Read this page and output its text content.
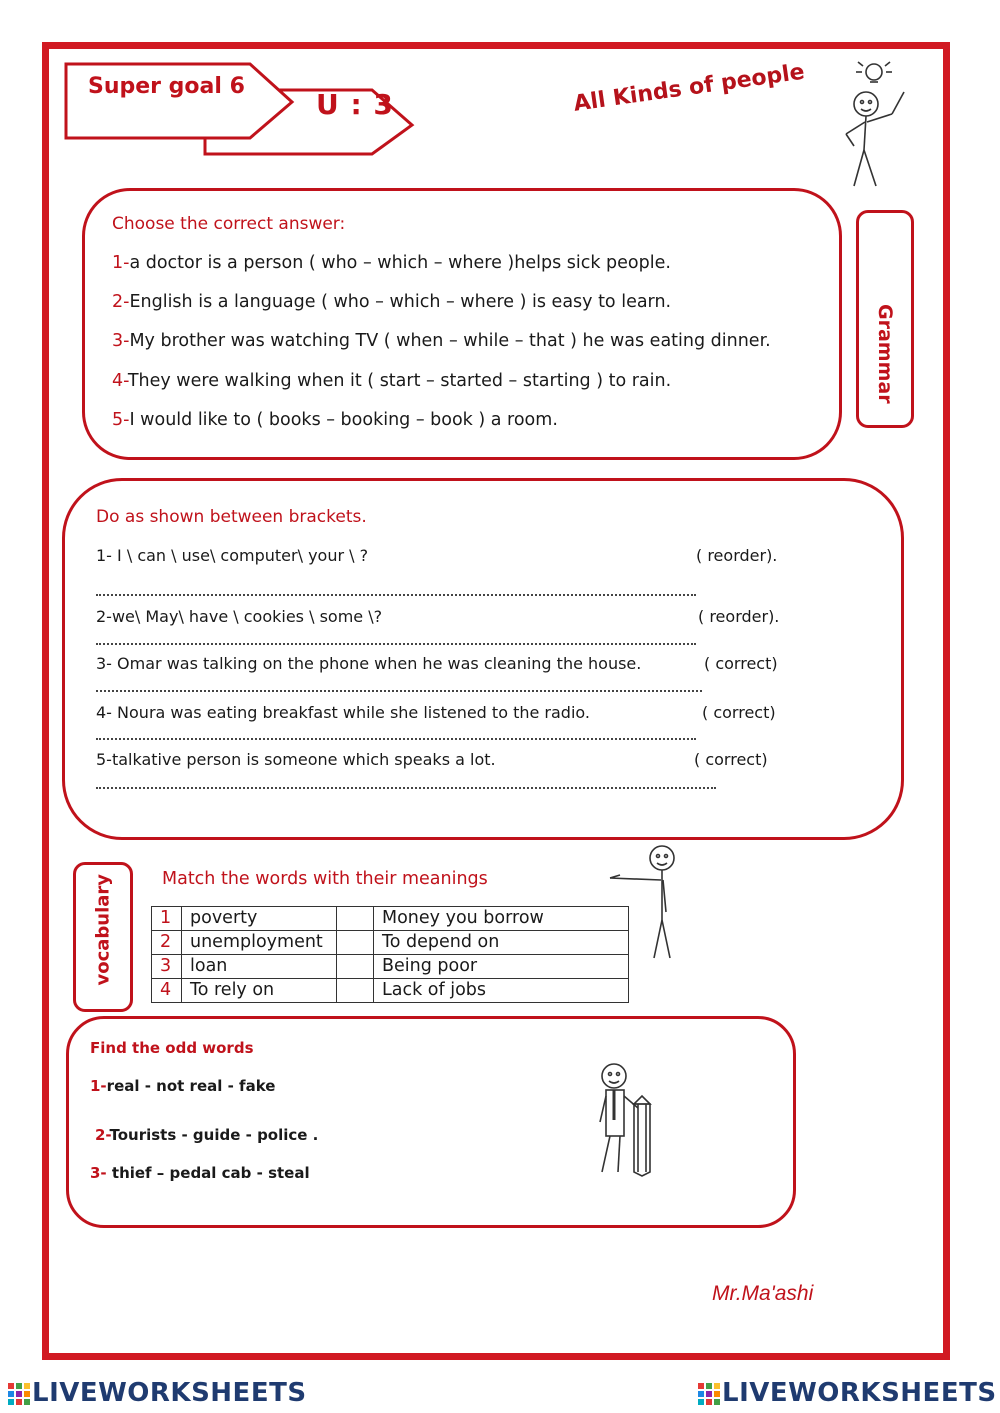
Super goal 6
U : 3	All Kinds of people
Grammar
Choose the correct answer:
1-a doctor is a person ( who – which – where )helps sick people.
2-English is a language ( who – which – where ) is easy to learn.
3-My brother was watching TV ( when – while – that ) he was eating dinner.
4-They were walking when it ( start – started – starting ) to rain.
5-I would like to ( books – booking – book ) a room.
Do as shown between brackets.
1- I \ can \ use\ computer\ your \ ?	( reorder).
2-we\ May\ have \ cookies \ some \?	( reorder).
3- Omar was talking on the phone when he was cleaning the house.	( correct)
4- Noura was eating breakfast while she listened to the radio.	( correct)
5-talkative person is someone which speaks a lot.	( correct)
vocabulary	Match the words with their meanings
1	poverty		Money you borrow
2	unemployment		To depend on
3	loan		Being poor
4	To rely on		Lack of jobs
Find the odd words
1-real - not real - fake
2-Tourists - guide - police .
3- thief – pedal cab - steal
Mr.Ma'ashi
LIVEWORKSHEETS	LIVEWORKSHEETS
